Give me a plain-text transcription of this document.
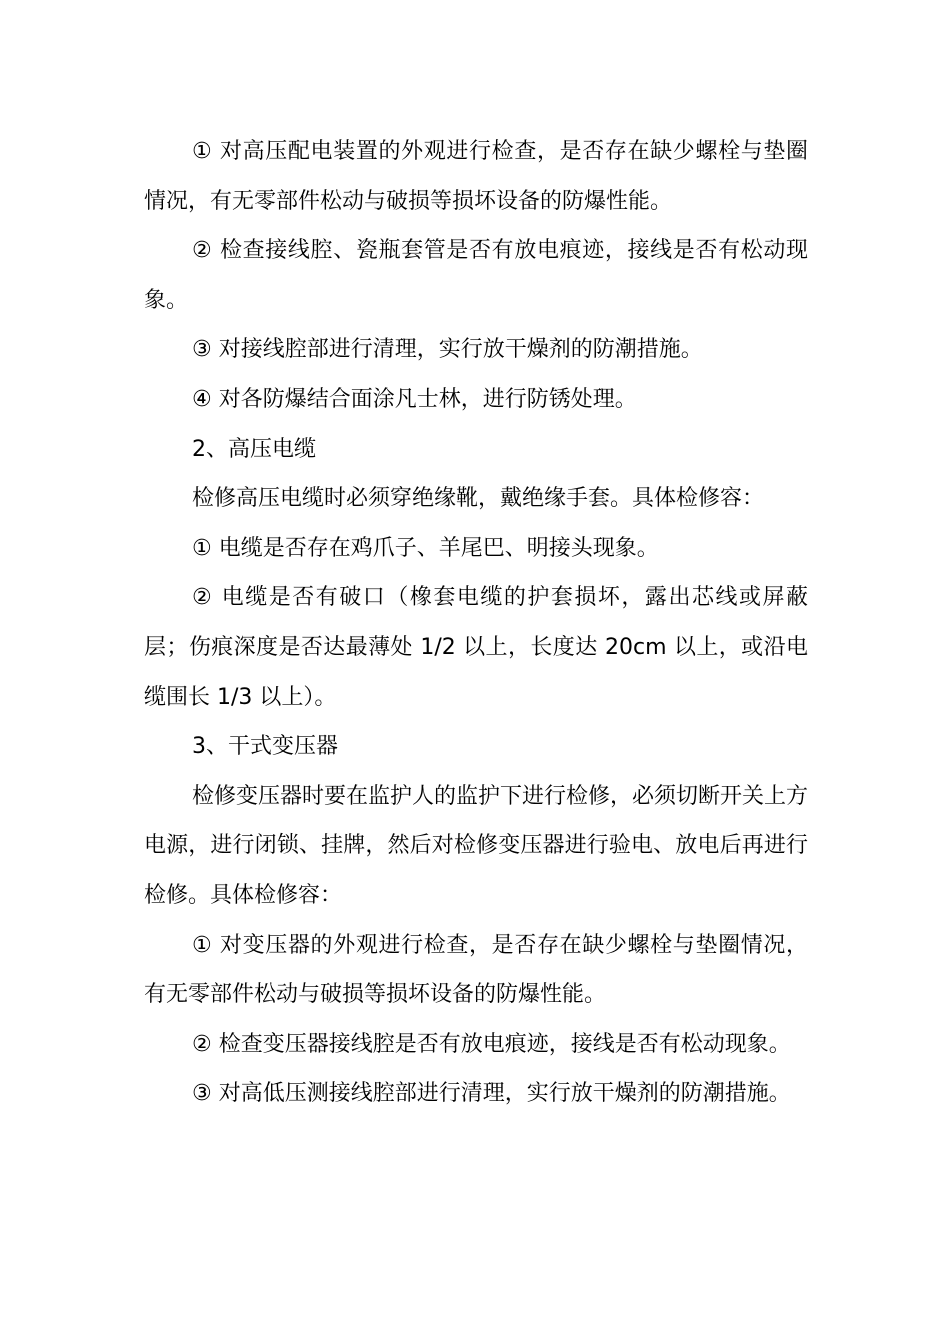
① 对高压配电装置的外观进行检查，是否存在缺少螺栓与垫圈情况，有无零部件松动与破损等损坏设备的防爆性能。

② 检查接线腔、瓷瓶套管是否有放电痕迹，接线是否有松动现象。

③ 对接线腔部进行清理，实行放干燥剂的防潮措施。

④ 对各防爆结合面涂凡士林，进行防锈处理。

2、高压电缆

检修高压电缆时必须穿绝缘靴，戴绝缘手套。具体检修容：

① 电缆是否存在鸡爪子、羊尾巴、明接头现象。

② 电缆是否有破口（橡套电缆的护套损坏，露出芯线或屏蔽层；伤痕深度是否达最薄处 1/2 以上，长度达 20cm 以上，或沿电缆围长 1/3 以上）。

3、干式变压器

检修变压器时要在监护人的监护下进行检修，必须切断开关上方电源，进行闭锁、挂牌，然后对检修变压器进行验电、放电后再进行检修。具体检修容：

① 对变压器的外观进行检查，是否存在缺少螺栓与垫圈情况，有无零部件松动与破损等损坏设备的防爆性能。

② 检查变压器接线腔是否有放电痕迹，接线是否有松动现象。

③ 对高低压测接线腔部进行清理，实行放干燥剂的防潮措施。
